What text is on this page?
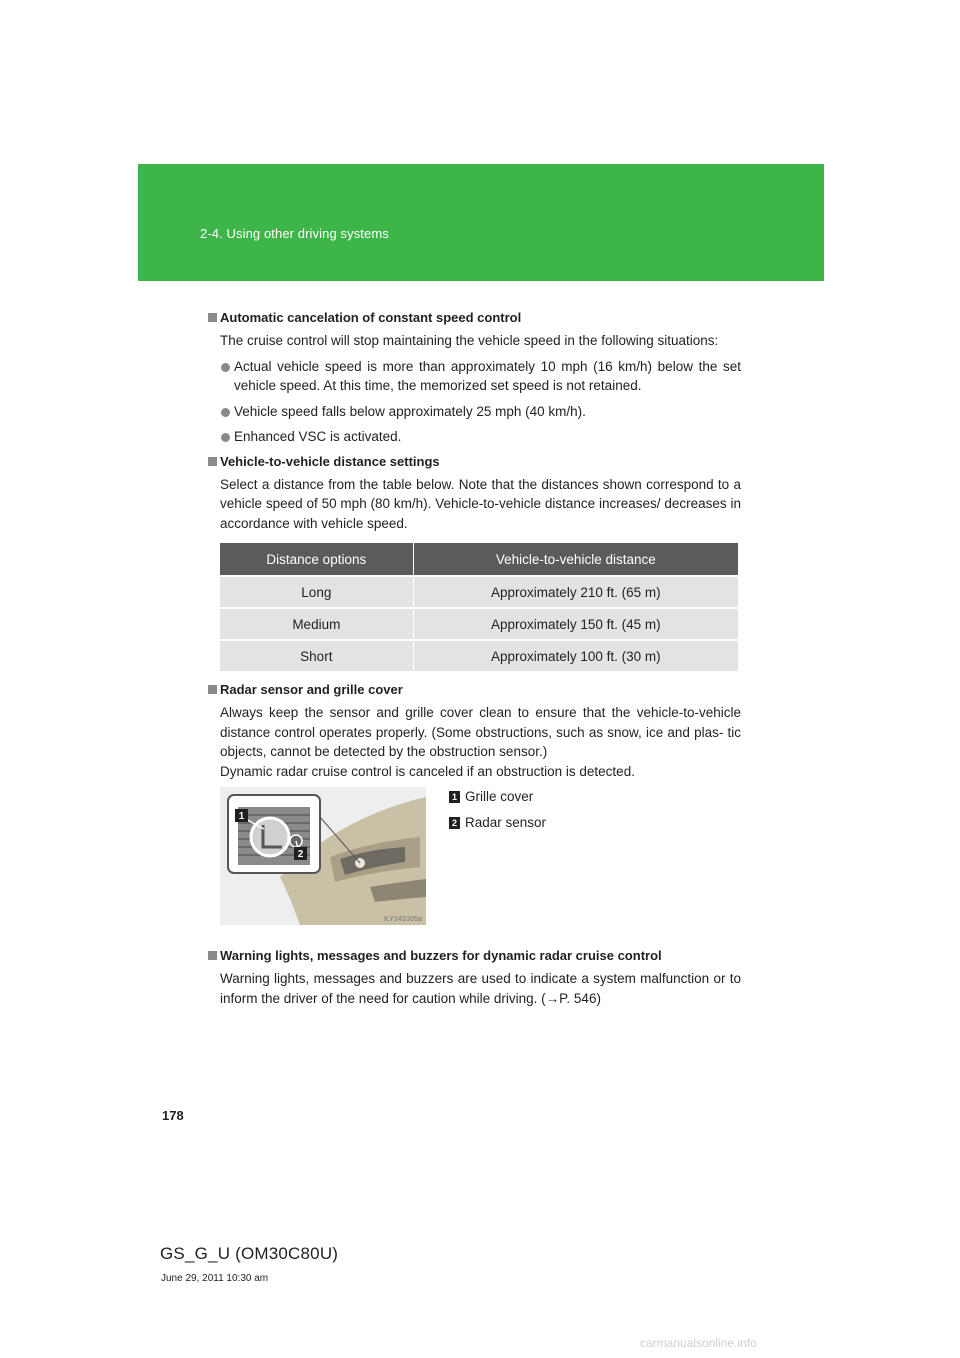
2-4. Using other driving systems
Automatic cancelation of constant speed control

The cruise control will stop maintaining the vehicle speed in the following situations:

Actual vehicle speed is more than approximately 10 mph (16 km/h) below the set vehicle speed. At this time, the memorized set speed is not retained.
Vehicle speed falls below approximately 25 mph (40 km/h).
Enhanced VSC is activated.
Vehicle-to-vehicle distance settings

Select a distance from the table below. Note that the distances shown correspond to a vehicle speed of 50 mph (80 km/h). Vehicle-to-vehicle distance increases/ decreases in accordance with vehicle speed.

Distance options	Vehicle-to-vehicle distance
Long	Approximately 210 ft. (65 m)
Medium	Approximately 150 ft. (45 m)
Short	Approximately 100 ft. (30 m)
Radar sensor and grille cover

Always keep the sensor and grille cover clean to ensure that the vehicle-to-vehicle distance control operates properly. (Some obstructions, such as snow, ice and plas- tic objects, cannot be detected by the obstruction sensor.)

Dynamic radar cruise control is canceled if an obstruction is detected.

1
2
ILY24S305a
1 Grille cover
2 Radar sensor
Warning lights, messages and buzzers for dynamic radar cruise control

Warning lights, messages and buzzers are used to indicate a system malfunction or to inform the driver of the need for caution while driving. (→P. 546)

178
GS_G_U (OM30C80U)
June 29, 2011 10:30 am
carmanualsonline.info
